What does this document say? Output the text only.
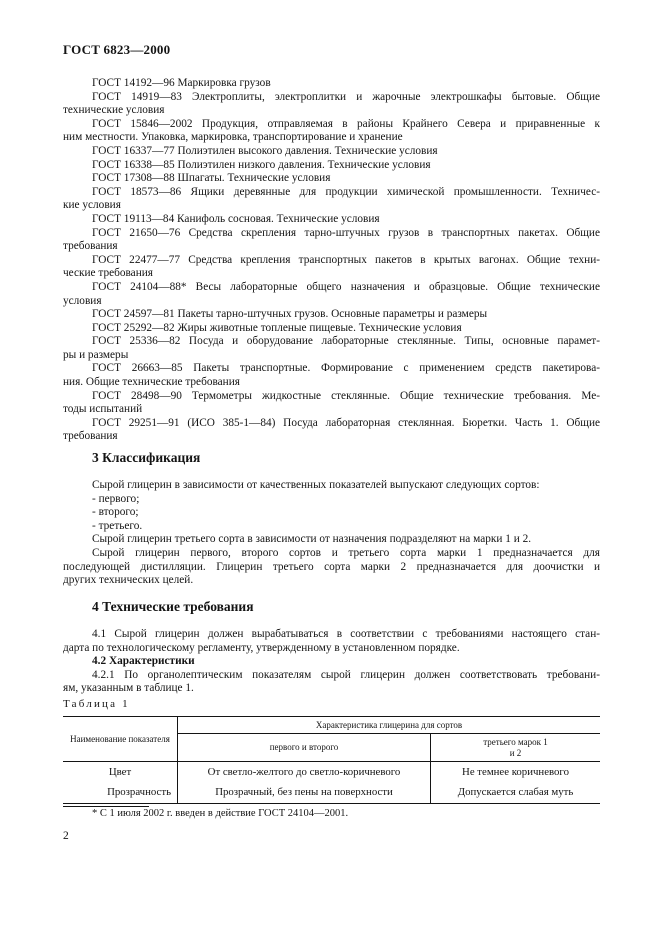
ГОСТ 6823—2000
ГОСТ 14192—96 Маркировка грузов
ГОСТ 14919—83 Электроплиты, электроплитки и жарочные электрошкафы бытовые. Общие
технические условия
ГОСТ 15846—2002 Продукция, отправляемая в районы Крайнего Севера и приравненные к
ним местности. Упаковка, маркировка, транспортирование и хранение
ГОСТ 16337—77 Полиэтилен высокого давления. Технические условия
ГОСТ 16338—85 Полиэтилен низкого давления. Технические условия
ГОСТ 17308—88 Шпагаты. Технические условия
ГОСТ 18573—86 Ящики деревянные для продукции химической промышленности. Техничес-
кие условия
ГОСТ 19113—84 Канифоль сосновая. Технические условия
ГОСТ 21650—76 Средства скрепления тарно-штучных грузов в транспортных пакетах. Общие
требования
ГОСТ 22477—77 Средства крепления транспортных пакетов в крытых вагонах. Общие техни-
ческие требования
ГОСТ 24104—88* Весы лабораторные общего назначения и образцовые. Общие технические
условия
ГОСТ 24597—81 Пакеты тарно-штучных грузов. Основные параметры и размеры
ГОСТ 25292—82 Жиры животные топленые пищевые. Технические условия
ГОСТ 25336—82 Посуда и оборудование лабораторные стеклянные. Типы, основные парамет-
ры и размеры
ГОСТ 26663—85 Пакеты транспортные. Формирование с применением средств пакетирова-
ния. Общие технические требования
ГОСТ 28498—90 Термометры жидкостные стеклянные. Общие технические требования. Ме-
тоды испытаний
ГОСТ 29251—91 (ИСО 385-1—84) Посуда лабораторная стеклянная. Бюретки. Часть 1. Общие
требования
3 Классификация
Сырой глицерин в зависимости от качественных показателей выпускают следующих сортов:
- первого;
- второго;
- третьего.
Сырой глицерин третьего сорта в зависимости от назначения подразделяют на марки 1 и 2.
Сырой глицерин первого, второго сортов и третьего сорта марки 1 предназначается для
последующей дистилляции. Глицерин третьего сорта марки 2 предназначается для доочистки и
других технических целей.
4 Технические требования
4.1 Сырой глицерин должен вырабатываться в соответствии с требованиями настоящего стан-
дарта по технологическому регламенту, утвержденному в установленном порядке.
4.2 Характеристики
4.2.1 По органолептическим показателям сырой глицерин должен соответствовать требовани-
ям, указанным в таблице 1.
Таблица 1
Наименование показателя	Характеристика глицерина для сортов	
	первого и второго	третьего марок 1 и 2
Цвет	От светло-желтого до светло-коричневого	Не темнее коричневого
Прозрачность	Прозрачный, без пены на поверхности	Допускается слабая муть
* С 1 июля 2002 г. введен в действие ГОСТ 24104—2001.
2
